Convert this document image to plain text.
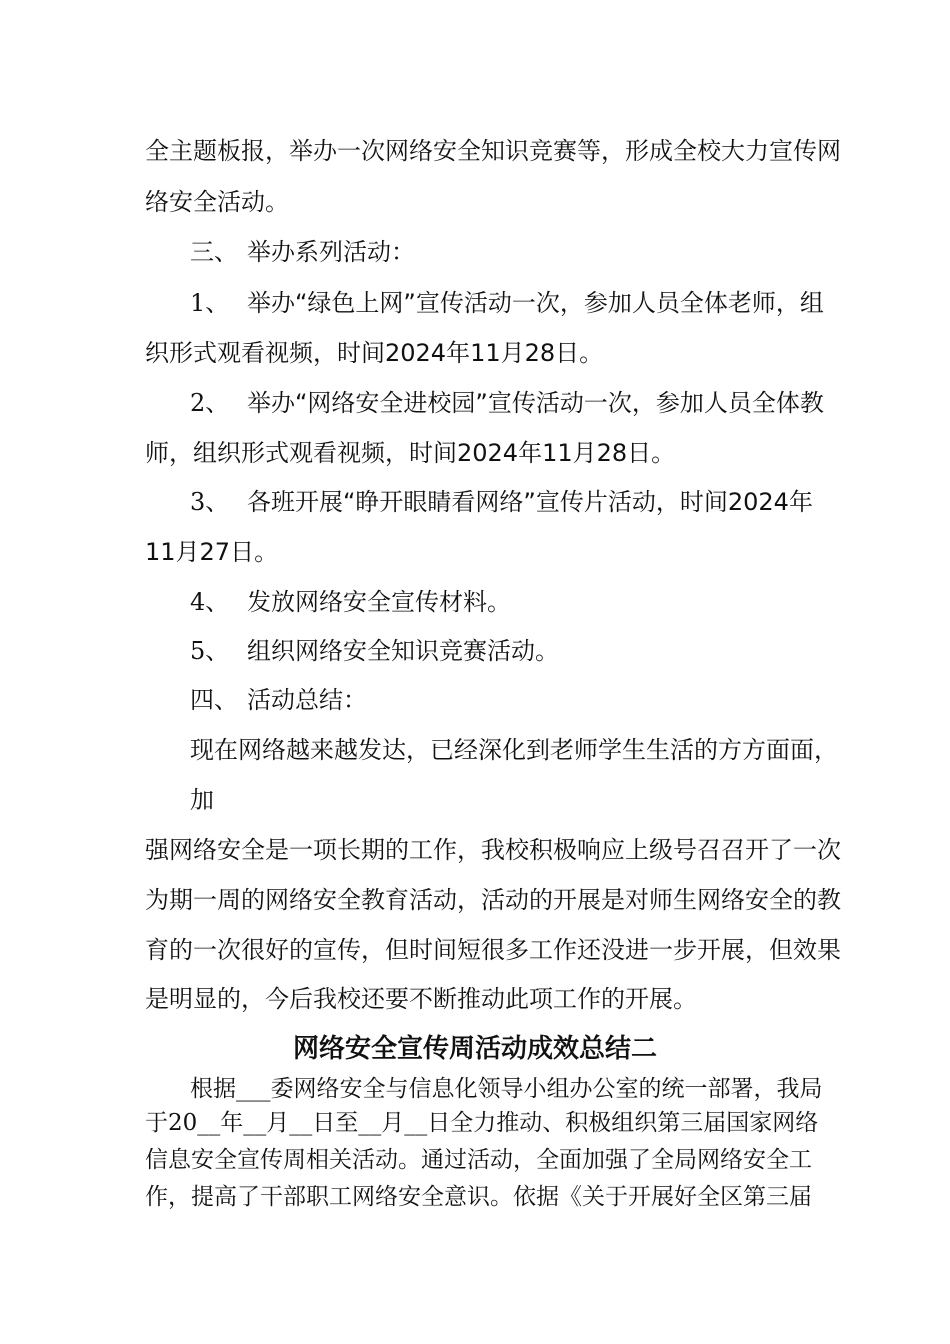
全主题板报，举办一次网络安全知识竞赛等，形成全校大力宣传网
络安全活动。
三、 举办系列活动：
1、 举办“绿色上网”宣传活动一次，参加人员全体老师，组
织形式观看视频，时间2024年11月28日。
2、 举办“网络安全进校园”宣传活动一次，参加人员全体教
师，组织形式观看视频，时间2024年11月28日。
3、 各班开展“睁开眼睛看网络”宣传片活动，时间2024年
11月27日。
4、 发放网络安全宣传材料。
5、 组织网络安全知识竞赛活动。
四、 活动总结：
现在网络越来越发达，已经深化到老师学生生活的方方面面，
加
强网络安全是一项长期的工作，我校积极响应上级号召召开了一次
为期一周的网络安全教育活动，活动的开展是对师生网络安全的教
育的一次很好的宣传，但时间短很多工作还没进一步开展，但效果
是明显的，今后我校还要不断推动此项工作的开展。
网络安全宣传周活动成效总结二
根据___委网络安全与信息化领导小组办公室的统一部署，我局
于20__年__月__日至__月__日全力推动、积极组织第三届国家网络
信息安全宣传周相关活动。通过活动，全面加强了全局网络安全工
作，提高了干部职工网络安全意识。依据《关于开展好全区第三届
